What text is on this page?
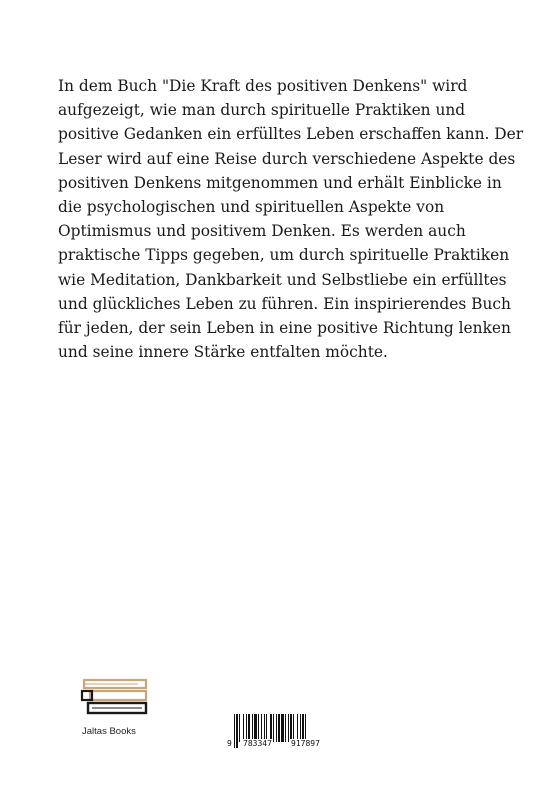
In dem Buch "Die Kraft des positiven Denkens" wird
aufgezeigt, wie man durch spirituelle Praktiken und
positive Gedanken ein erfülltes Leben erschaffen kann. Der
Leser wird auf eine Reise durch verschiedene Aspekte des
positiven Denkens mitgenommen und erhält Einblicke in
die psychologischen und spirituellen Aspekte von
Optimismus und positivem Denken. Es werden auch
praktische Tipps gegeben, um durch spirituelle Praktiken
wie Meditation, Dankbarkeit und Selbstliebe ein erfülltes
und glückliches Leben zu führen. Ein inspirierendes Buch
für jeden, der sein Leben in eine positive Richtung lenken
und seine innere Stärke entfalten möchte.

Jaltas Books
9 783347 917897
